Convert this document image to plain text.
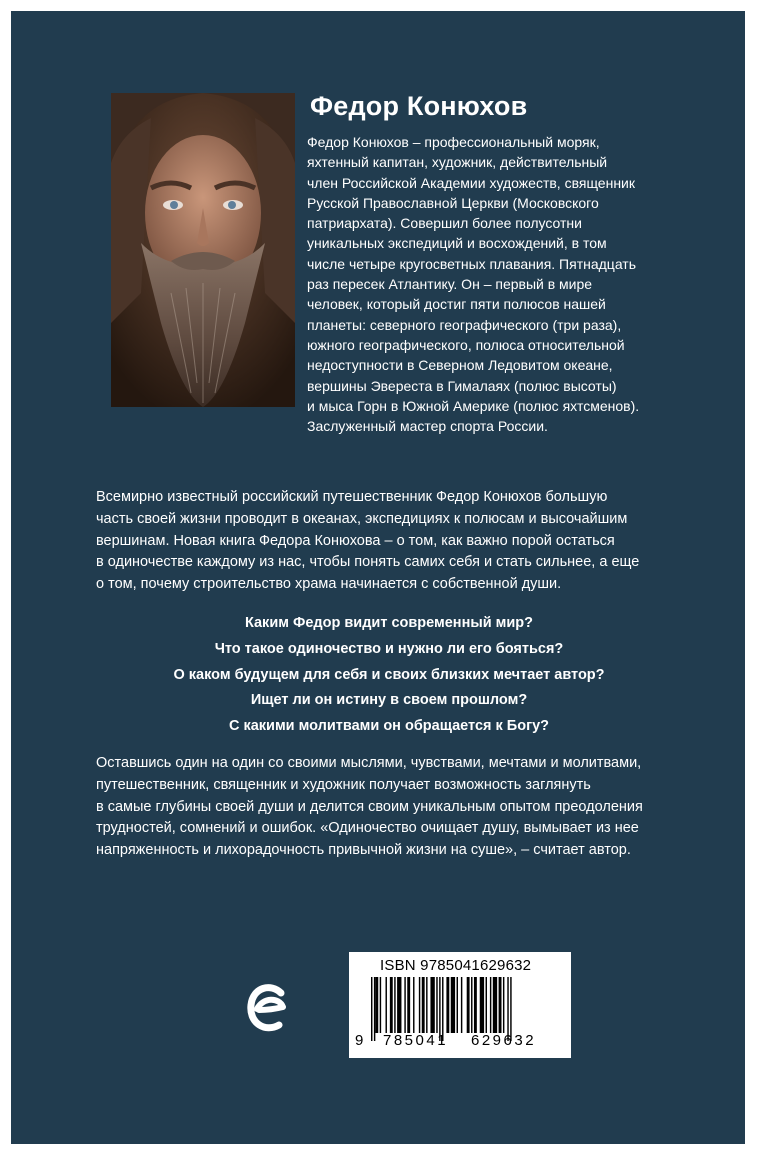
Федор Конюхов
Федор Конюхов – профессиональный моряк,
яхтенный капитан, художник, действительный
член Российской Академии художеств, священник
Русской Православной Церкви (Московского
патриархата). Совершил более полусотни
уникальных экспедиций и восхождений, в том
числе четыре кругосветных плавания. Пятнадцать
раз пересек Атлантику. Он – первый в мире
человек, который достиг пяти полюсов нашей
планеты: северного географического (три раза),
южного географического, полюса относительной
недоступности в Северном Ледовитом океане,
вершины Эвереста в Гималаях (полюс высоты)
и мыса Горн в Южной Америке (полюс яхтсменов).
Заслуженный мастер спорта России.
Всемирно известный российский путешественник Федор Конюхов большую
часть своей жизни проводит в океанах, экспедициях к полюсам и высочайшим
вершинам. Новая книга Федора Конюхова – о том, как важно порой остаться
в одиночестве каждому из нас, чтобы понять самих себя и стать сильнее, а еще
о том, почему строительство храма начинается с собственной души.
Каким Федор видит современный мир?
Что такое одиночество и нужно ли его бояться?
О каком будущем для себя и своих близких мечтает автор?
Ищет ли он истину в своем прошлом?
С какими молитвами он обращается к Богу?
Оставшись один на один со своими мыслями, чувствами, мечтами и молитвами,
путешественник, священник и художник получает возможность заглянуть
в самые глубины своей души и делится своим уникальным опытом преодоления
трудностей, сомнений и ошибок. «Одиночество очищает душу, вымывает из нее
напряженность и лихорадочность привычной жизни на суше», – считает автор.
ISBN 9785041629632
9 785041 629632
